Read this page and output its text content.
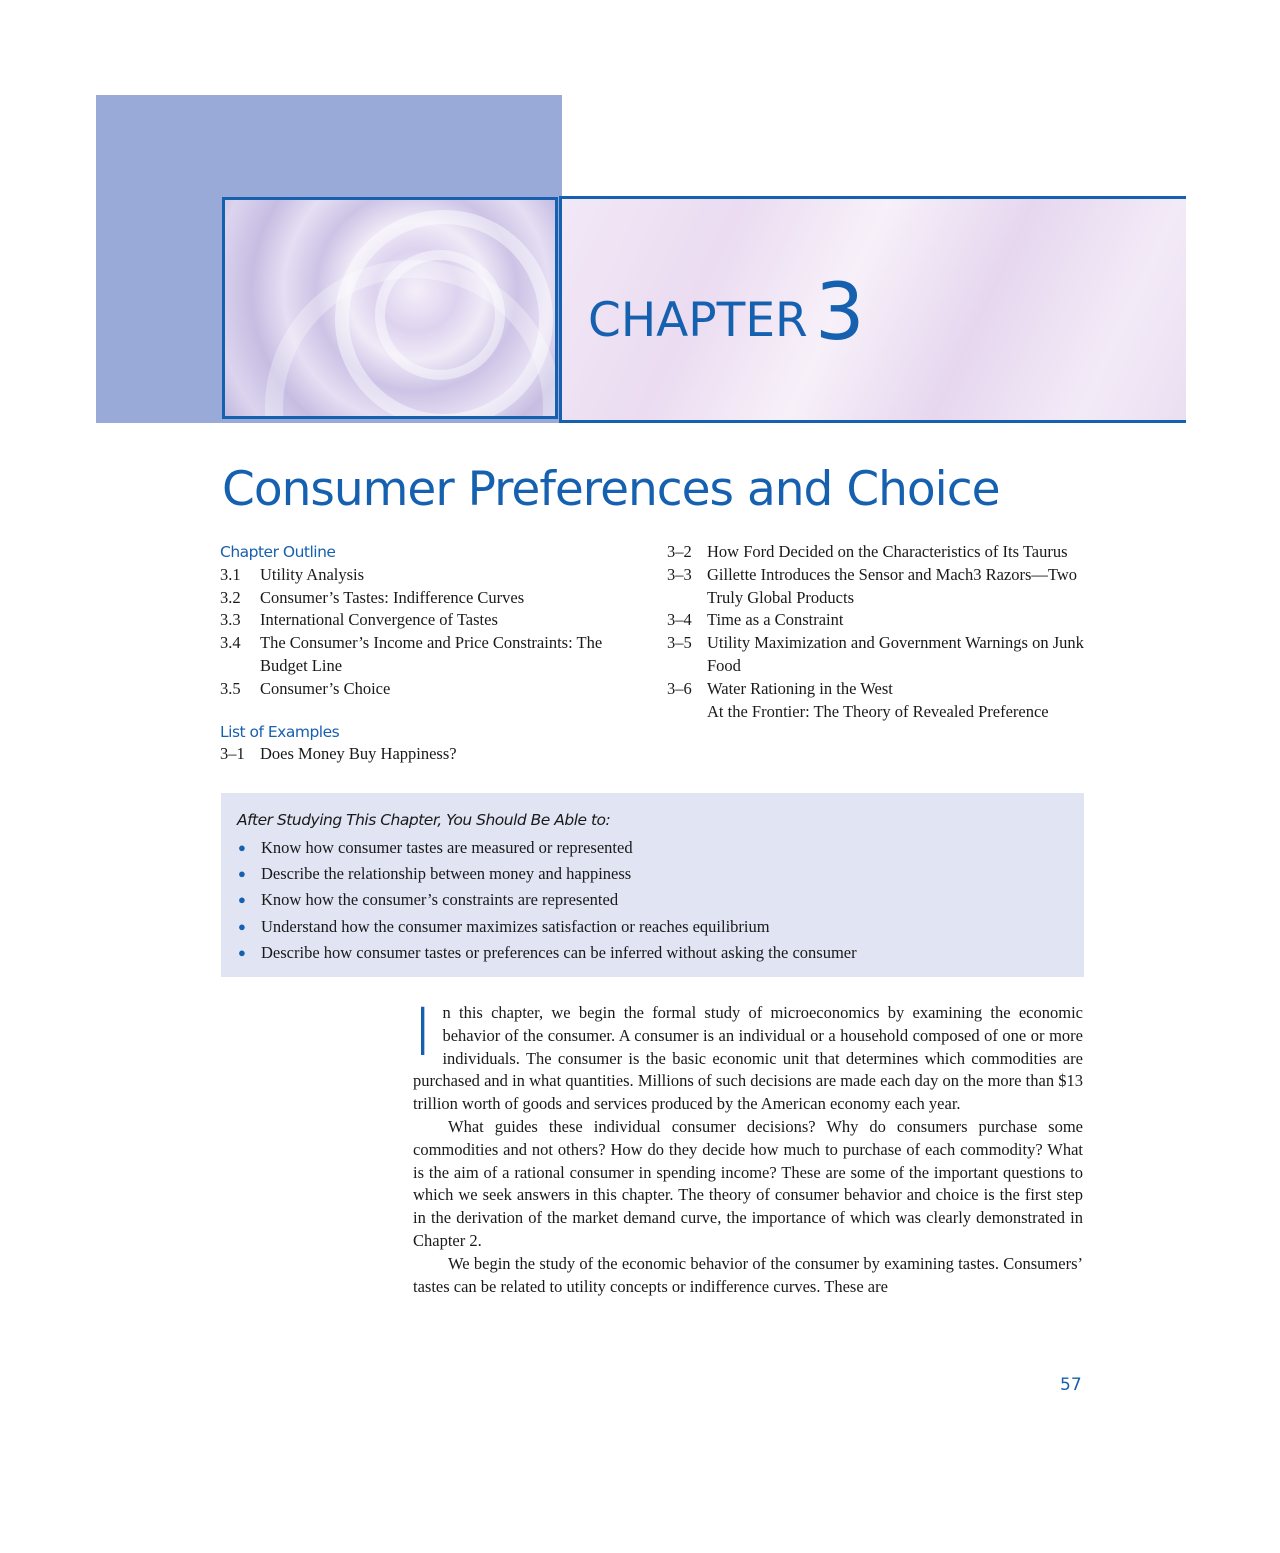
CHAPTER 3
Consumer Preferences and Choice
Chapter Outline
3.1	Utility Analysis
3.2	Consumer’s Tastes: Indifference Curves
3.3	International Convergence of Tastes
3.4	The Consumer’s Income and Price Constraints: The Budget Line
3.5	Consumer’s Choice
List of Examples
3–1 Does Money Buy Happiness?
3–2 How Ford Decided on the Characteristics of Its Taurus
3–3 Gillette Introduces the Sensor and Mach3 Razors—Two Truly Global Products
3–4 Time as a Constraint
3–5 Utility Maximization and Government Warnings on Junk Food
3–6 Water Rationing in the West
At the Frontier: The Theory of Revealed Preference
After Studying This Chapter, You Should Be Able to:
● Know how consumer tastes are measured or represented
● Describe the relationship between money and happiness
● Know how the consumer’s constraints are represented
● Understand how the consumer maximizes satisfaction or reaches equilibrium
● Describe how consumer tastes or preferences can be inferred without asking the consumer

In this chapter, we begin the formal study of microeconomics by examining the economic behavior of the consumer. A consumer is an individual or a household composed of one or more individuals. The consumer is the basic economic unit that determines which commodities are purchased and in what quantities. Millions of such decisions are made each day on the more than $13 trillion worth of goods and services produced by the American economy each year.

What guides these individual consumer decisions? Why do consumers purchase some commodities and not others? How do they decide how much to purchase of each commodity? What is the aim of a rational consumer in spending income? These are some of the important questions to which we seek answers in this chapter. The theory of consumer behavior and choice is the first step in the derivation of the market demand curve, the importance of which was clearly demonstrated in Chapter 2.

We begin the study of the economic behavior of the consumer by examining tastes. Consumers’ tastes can be related to utility concepts or indifference curves. These are

57
